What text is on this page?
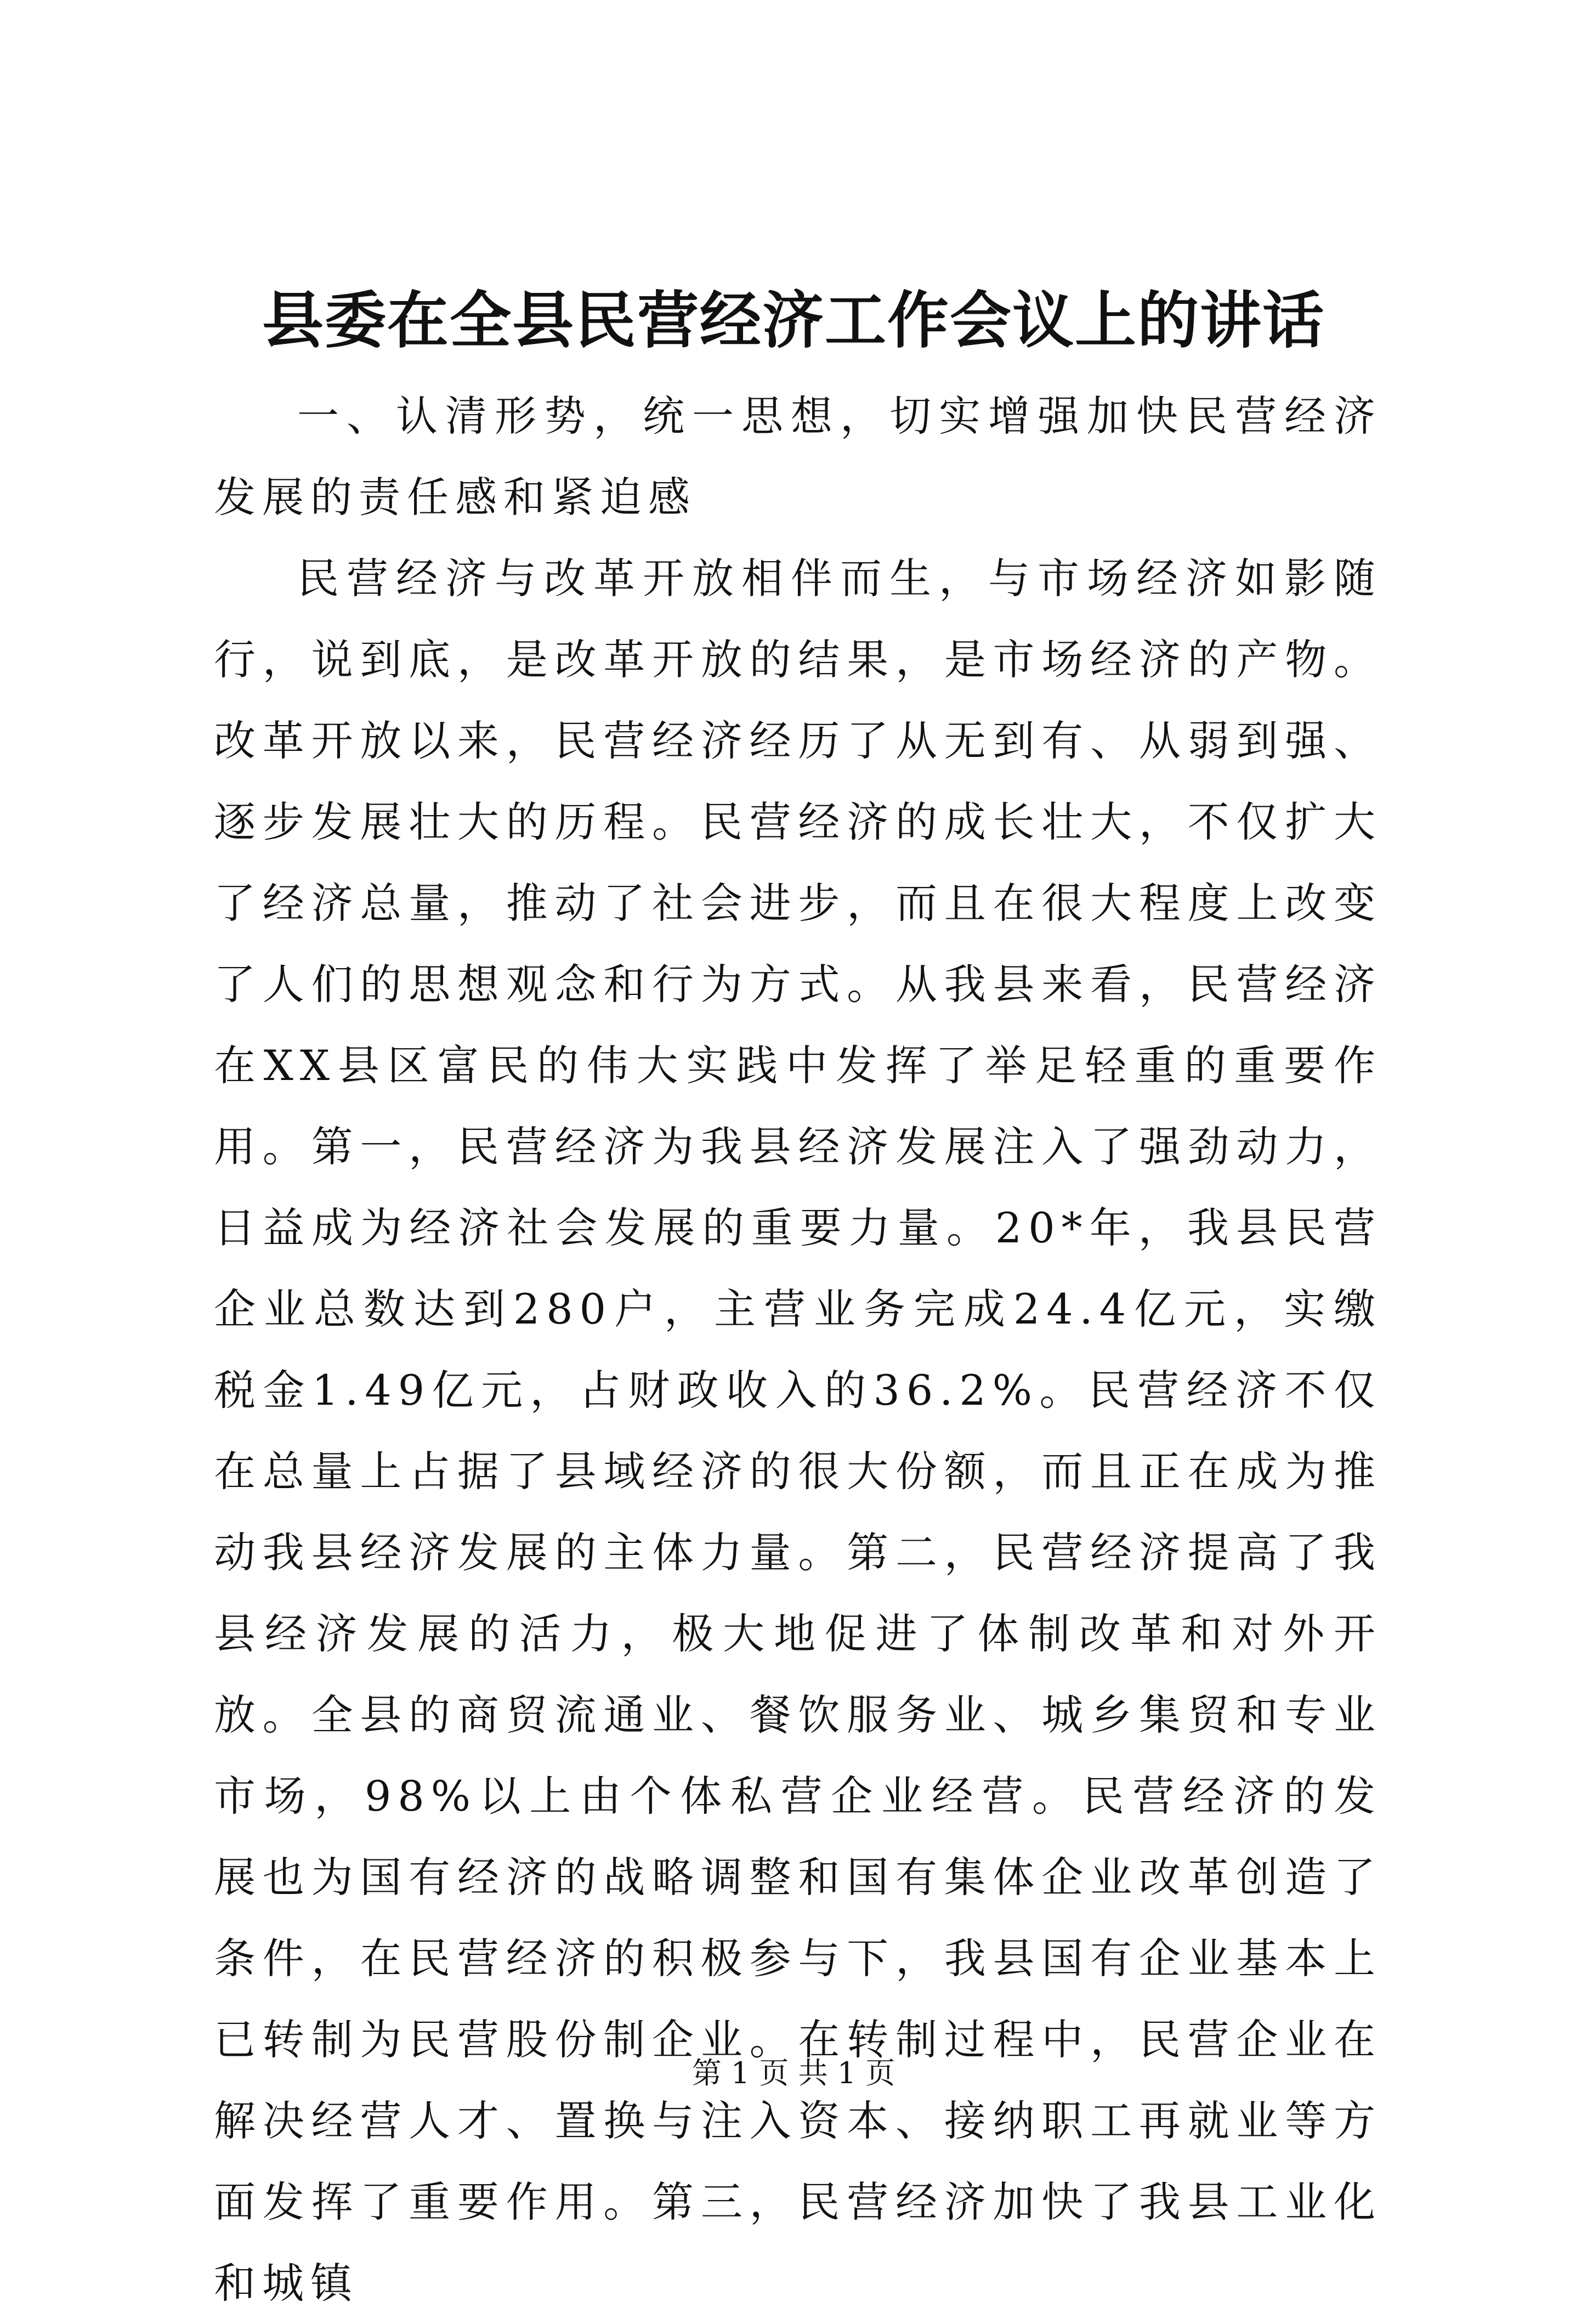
县委在全县民营经济工作会议上的讲话

一、认清形势，统一思想，切实增强加快民营经济发展的责任感和紧迫感

民营经济与改革开放相伴而生，与市场经济如影随行，说到底，是改革开放的结果，是市场经济的产物。改革开放以来，民营经济经历了从无到有、从弱到强、逐步发展壮大的历程。民营经济的成长壮大，不仅扩大了经济总量，推动了社会进步，而且在很大程度上改变了人们的思想观念和行为方式。从我县来看，民营经济在XX县区富民的伟大实践中发挥了举足轻重的重要作用。第一，民营经济为我县经济发展注入了强劲动力，日益成为经济社会发展的重要力量。20*年，我县民营企业总数达到280户，主营业务完成24.4亿元，实缴税金1.49亿元，占财政收入的36.2%。民营经济不仅在总量上占据了县域经济的很大份额，而且正在成为推动我县经济发展的主体力量。第二，民营经济提高了我县经济发展的活力，极大地促进了体制改革和对外开放。全县的商贸流通业、餐饮服务业、城乡集贸和专业市场，98%以上由个体私营企业经营。民营经济的发展也为国有经济的战略调整和国有集体企业改革创造了条件，在民营经济的积极参与下，我县国有企业基本上已转制为民营股份制企业。在转制过程中，民营企业在解决经营人才、置换与注入资本、接纳职工再就业等方面发挥了重要作用。第三，民营经济加快了我县工业化和城镇

第 1 页 共 1 页
